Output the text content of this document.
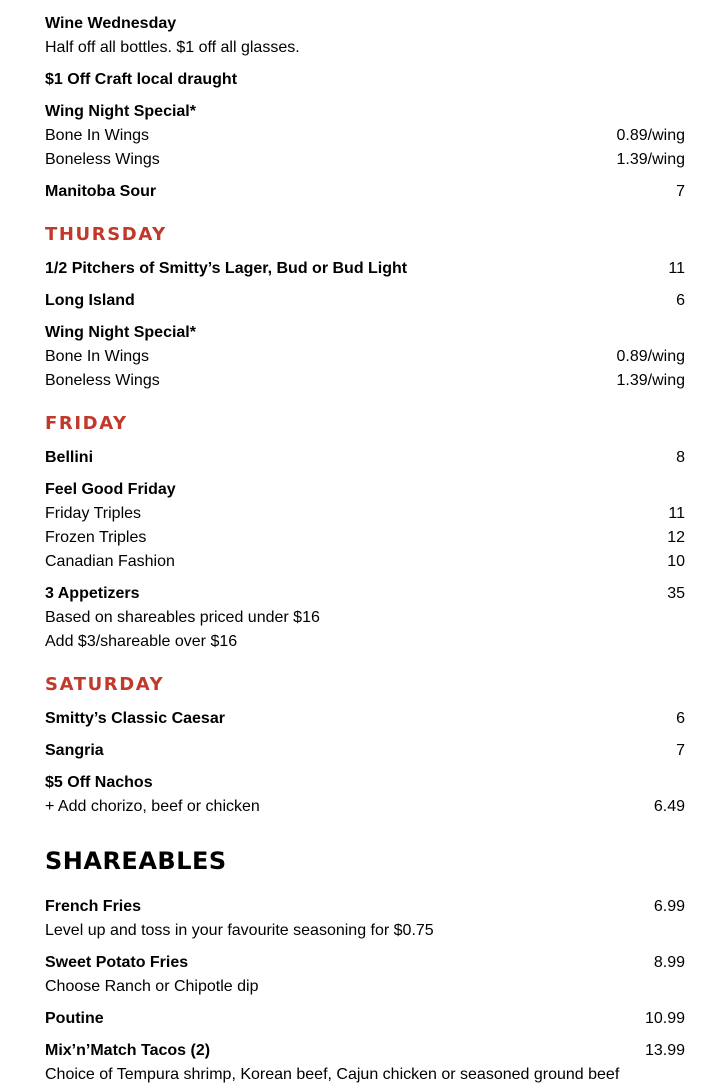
Wine Wednesday
Half off all bottles. $1 off all glasses.
$1 Off Craft local draught
Wing Night Special*
Bone In Wings	0.89/wing
Boneless Wings	1.39/wing
Manitoba Sour	7
THURSDAY
1/2 Pitchers of Smitty’s Lager, Bud or Bud Light	11
Long Island	6
Wing Night Special*
Bone In Wings	0.89/wing
Boneless Wings	1.39/wing
FRIDAY
Bellini	8
Feel Good Friday
Friday Triples	11
Frozen Triples	12
Canadian Fashion	10
3 Appetizers	35
Based on shareables priced under $16
Add $3/shareable over $16
SATURDAY
Smitty’s Classic Caesar	6
Sangria	7
$5 Off Nachos
+ Add chorizo, beef or chicken	6.49
SHAREABLES
French Fries	6.99
Level up and toss in your favourite seasoning for $0.75
Sweet Potato Fries	8.99
Choose Ranch or Chipotle dip
Poutine	10.99
Mix’n’Match Tacos (2)	13.99
Choice of Tempura shrimp, Korean beef, Cajun chicken or seasoned ground beef
